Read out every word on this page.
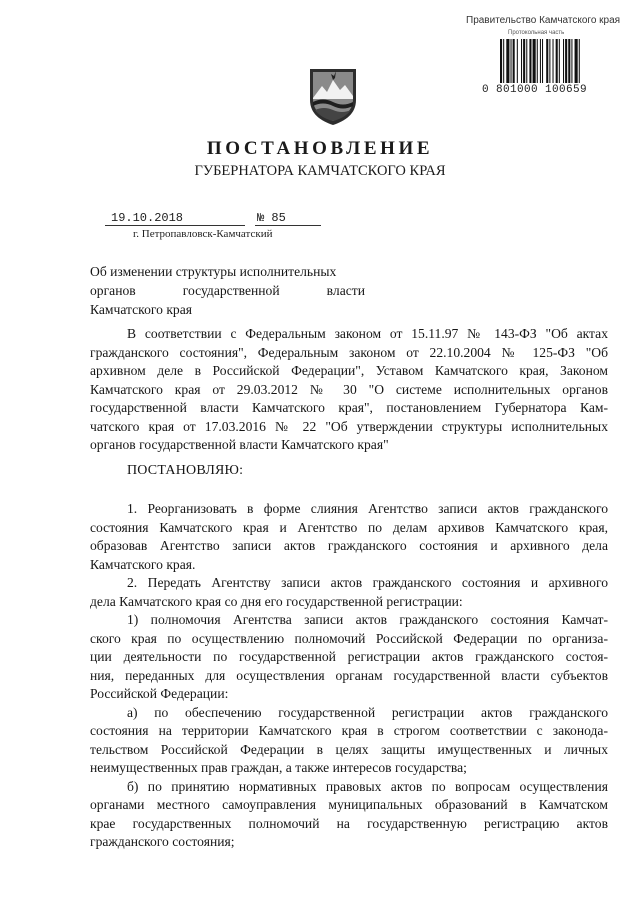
Правительство Камчатского края
Протокольная часть
0 801000 100659
ПОСТАНОВЛЕНИЕ
ГУБЕРНАТОРА КАМЧАТСКОГО КРАЯ
19.10.2018	№ 85
г. Петропавловск-Камчатский
Об изменении структуры исполнительных
органов государственной власти
Камчатского края
В соответствии с Федеральным законом от 15.11.97 № 143-ФЗ "Об актах
гражданского состояния", Федеральным законом от 22.10.2004 № 125-ФЗ "Об
архивном деле в Российской Федерации", Уставом Камчатского края, Законом
Камчатского края от 29.03.2012 № 30 "О системе исполнительных органов
государственной власти Камчатского края", постановлением Губернатора Кам-
чатского края от 17.03.2016 № 22 "Об утверждении структуры исполнительных
органов государственной власти Камчатского края"
ПОСТАНОВЛЯЮ:
1. Реорганизовать в форме слияния Агентство записи актов гражданского
состояния Камчатского края и Агентство по делам архивов Камчатского края,
образовав Агентство записи актов гражданского состояния и архивного дела
Камчатского края.
2. Передать Агентству записи актов гражданского состояния и архивного
дела Камчатского края со дня его государственной регистрации:
1) полномочия Агентства записи актов гражданского состояния Камчат-
ского края по осуществлению полномочий Российской Федерации по организа-
ции деятельности по государственной регистрации актов гражданского состоя-
ния, переданных для осуществления органам государственной власти субъектов
Российской Федерации:
а) по обеспечению государственной регистрации актов гражданского
состояния на территории Камчатского края в строгом соответствии с законода-
тельством Российской Федерации в целях защиты имущественных и личных
неимущественных прав граждан, а также интересов государства;
б) по принятию нормативных правовых актов по вопросам осуществления
органами местного самоуправления муниципальных образований в Камчатском
крае государственных полномочий на государственную регистрацию актов
гражданского состояния;
